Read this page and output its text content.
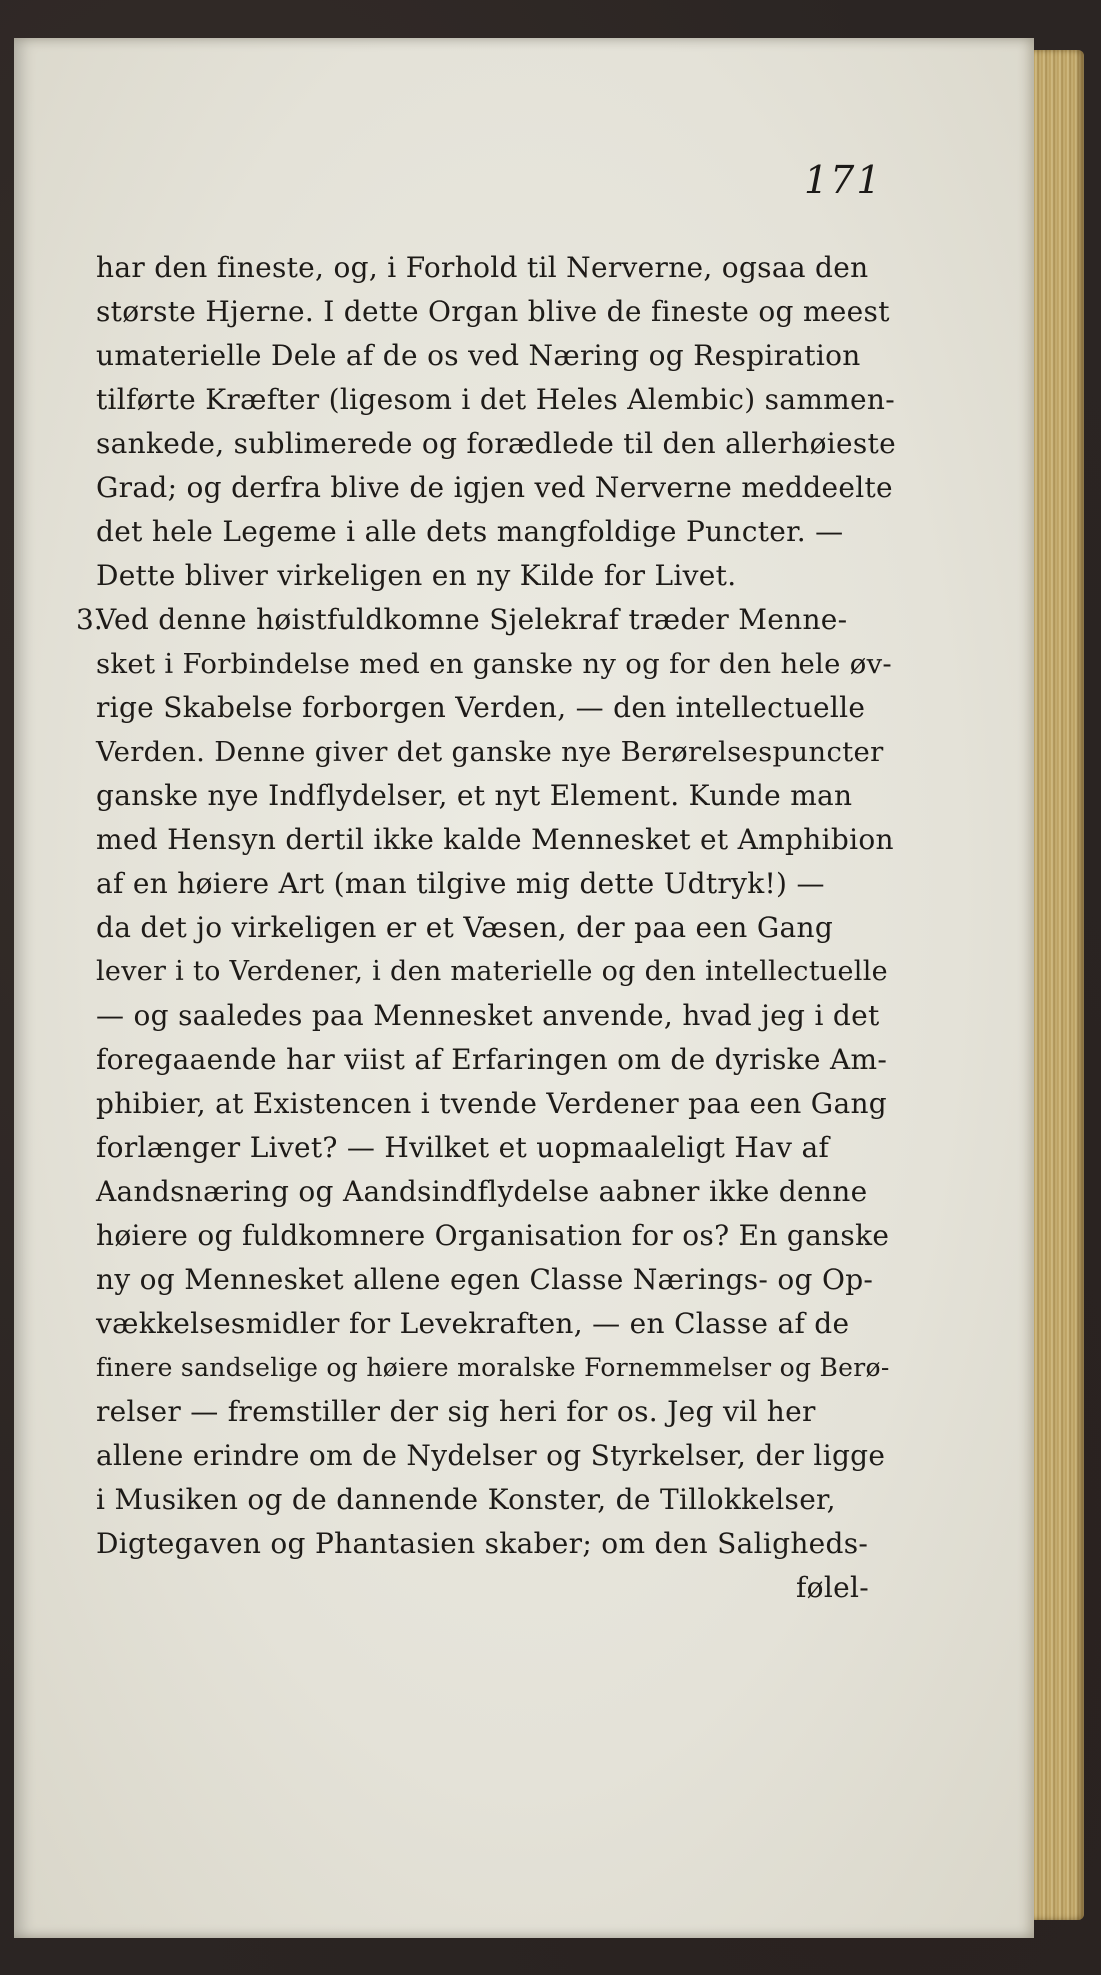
171
har den fineste, og, i Forhold til Nerverne, ogsaa den
største Hjerne. I dette Organ blive de fineste og meest
umaterielle Dele af de os ved Næring og Respiration
tilførte Kræfter (ligesom i det Heles Alembic) sammen-
sankede, sublimerede og forædlede til den allerhøieste
Grad; og derfra blive de igjen ved Nerverne meddeelte
det hele Legeme i alle dets mangfoldige Puncter. —
Dette bliver virkeligen en ny Kilde for Livet.
3.
Ved denne høistfuldkomne Sjelekraf træder Menne-
sket i Forbindelse med en ganske ny og for den hele øv-
rige Skabelse forborgen Verden, — den intellectuelle
Verden. Denne giver det ganske nye Berørelsespuncter
ganske nye Indflydelser, et nyt Element. Kunde man
med Hensyn dertil ikke kalde Mennesket et Amphibion
af en høiere Art (man tilgive mig dette Udtryk!) —
da det jo virkeligen er et Væsen, der paa een Gang
lever i to Verdener, i den materielle og den intellectuelle
— og saaledes paa Mennesket anvende, hvad jeg i det
foregaaende har viist af Erfaringen om de dyriske Am-
phibier, at Existencen i tvende Verdener paa een Gang
forlænger Livet? — Hvilket et uopmaaleligt Hav af
Aandsnæring og Aandsindflydelse aabner ikke denne
høiere og fuldkomnere Organisation for os? En ganske
ny og Mennesket allene egen Classe Nærings- og Op-
vækkelsesmidler for Levekraften, — en Classe af de
finere sandselige og høiere moralske Fornemmelser og Berø-
relser — fremstiller der sig heri for os. Jeg vil her
allene erindre om de Nydelser og Styrkelser, der ligge
i Musiken og de dannende Konster, de Tillokkelser,
Digtegaven og Phantasien skaber; om den Saligheds-
følel-
